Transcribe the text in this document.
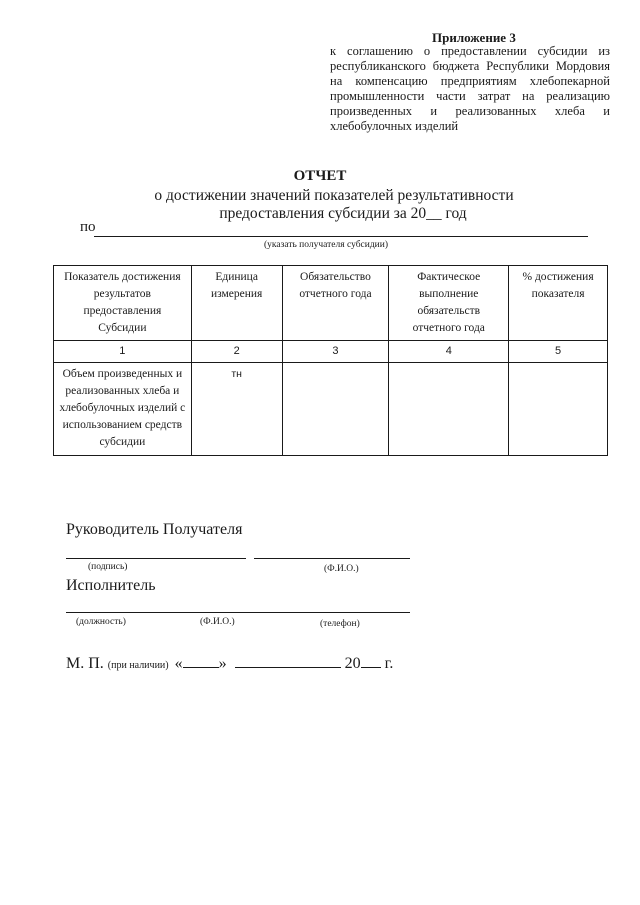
Приложение 3
к соглашению о предоставлении субсидии из республиканского бюджета Республики Мордовия на компенсацию предприятиям хлебопекарной промышленности части затрат на реализацию произведенных и реализованных хлеба и хлебобулочных изделий
ОТЧЕТ
о достижении значений показателей результативности
предоставления субсидии за 20__ год
по
(указать получателя субсидии)
Показатель достижения результатов предоставления Субсидии	Единица измерения	Обязательство отчетного года	Фактическое выполнение обязательств отчетного года	% достижения показателя
1	2	3	4	5
Объем произведенных и реализованных хлеба и хлебобулочных изделий с использованием средств субсидии	тн			
Руководитель Получателя
(подпись)	(Ф.И.О.)
Исполнитель
(должность)	(Ф.И.О.)	(телефон)
М. П. (при наличии) « »	20 г.
